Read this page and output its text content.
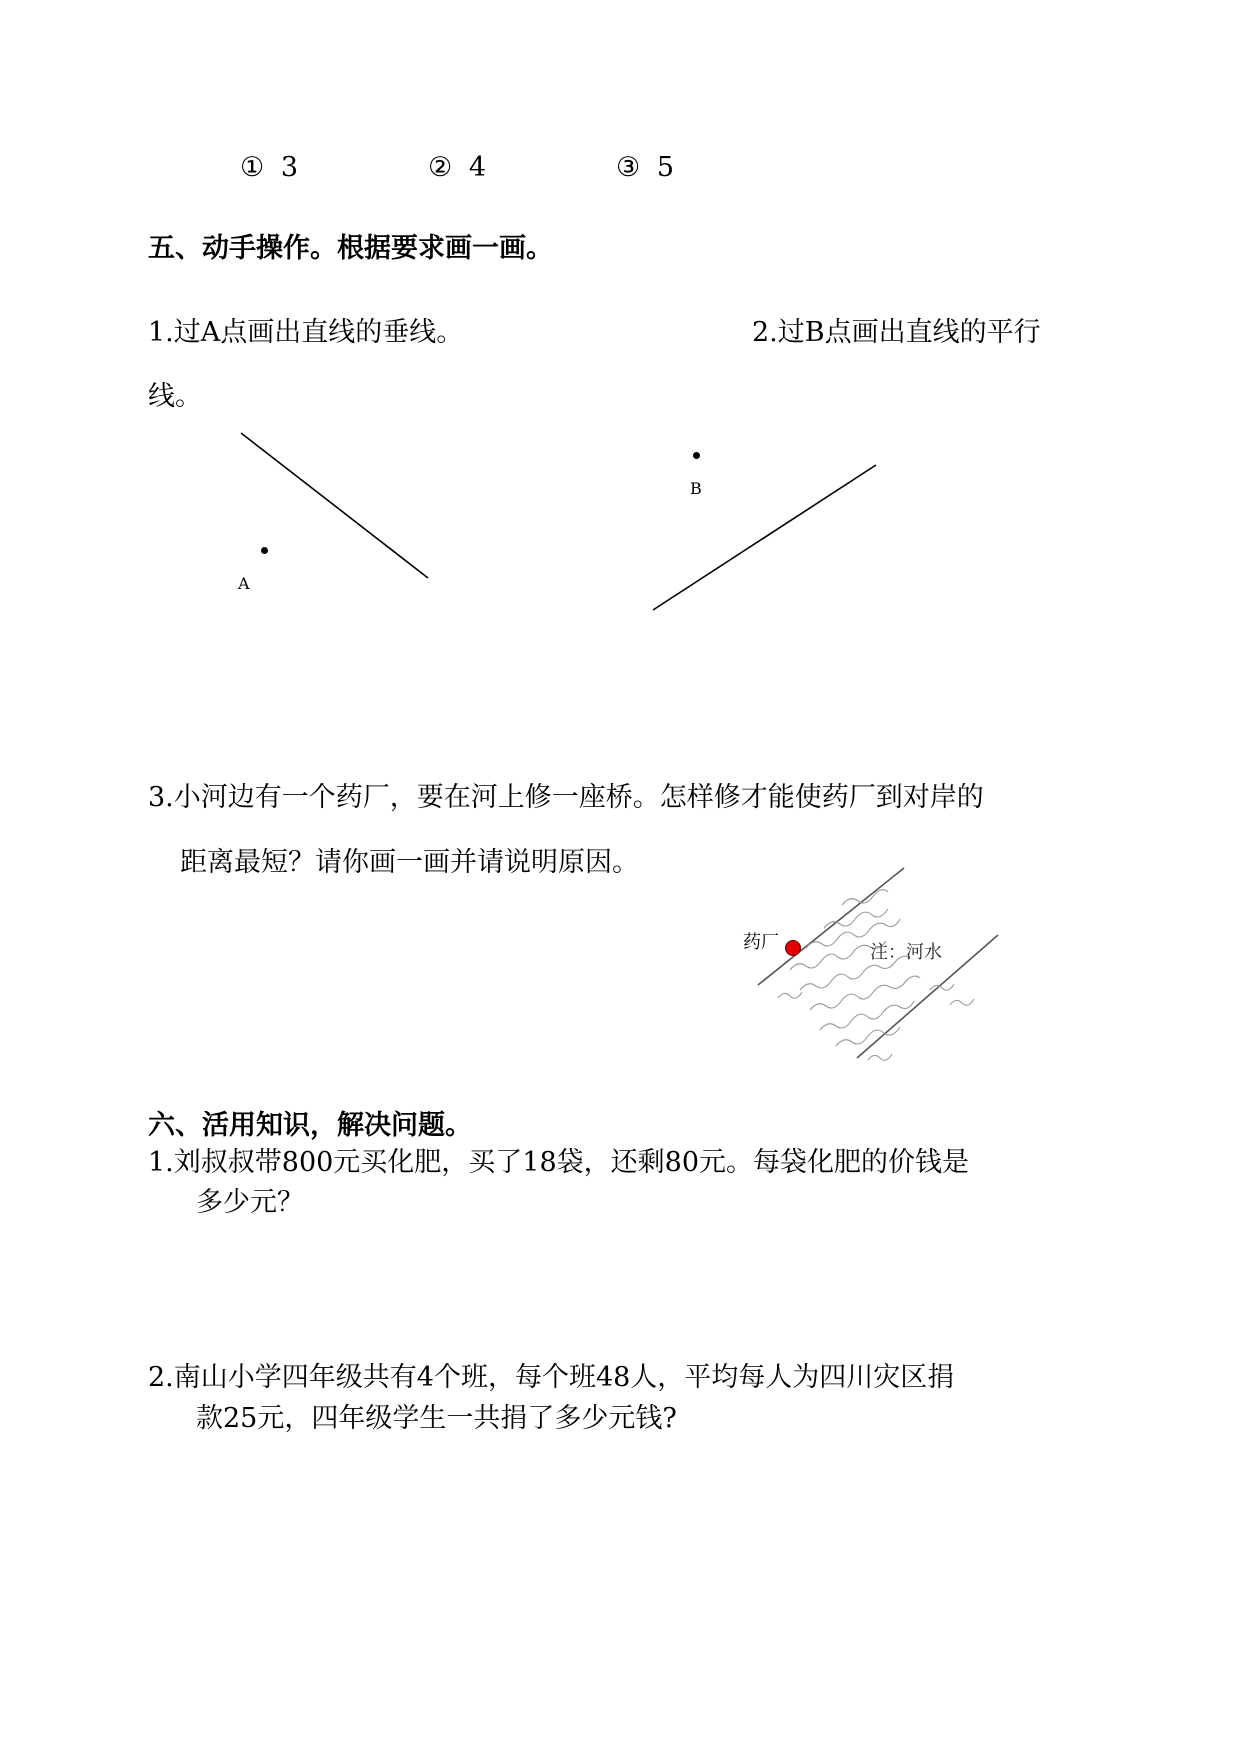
① 3	② 4	③ 5
五、动手操作。根据要求画一画。
1.过A点画出直线的垂线。	2.过B点画出直线的平行
线。
A
B
3.小河边有一个药厂，要在河上修一座桥。怎样修才能使药厂到对岸的
距离最短？请你画一画并请说明原因。
药厂	注：河水
六、活用知识，解决问题。
1.刘叔叔带800元买化肥，买了18袋，还剩80元。每袋化肥的价钱是
多少元？
2.南山小学四年级共有4个班，每个班48人，平均每人为四川灾区捐
款25元，四年级学生一共捐了多少元钱?
